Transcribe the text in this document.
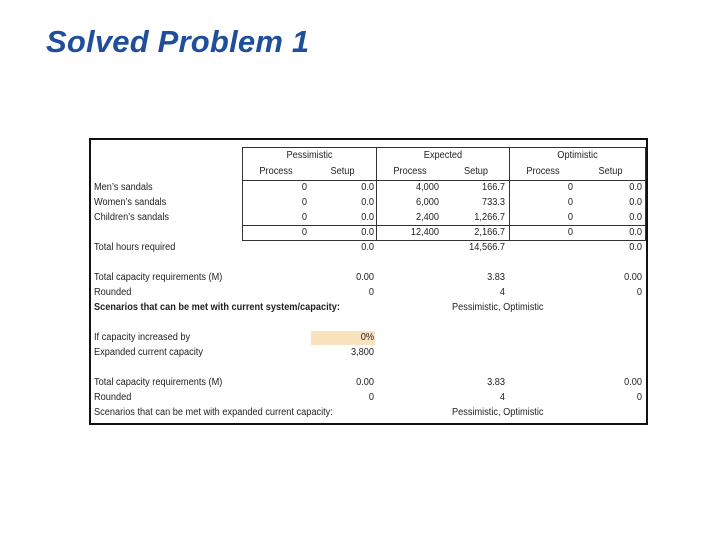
Solved Problem 1
Pessimistic	Expected	Optimistic
Process	Setup	Process	Setup	Process	Setup
Men’s sandals	0	0.0	4,000	166.7	0	0.0
Women’s sandals	0	0.0	6,000	733.3	0	0.0
Children’s sandals	0	0.0	2,400	1,266.7	0	0.0
0	0.0	12,400	2,166.7	0	0.0
Total hours required	0.0	14,566.7	0.0
Total capacity requirements (M)	0.00	3.83	0.00
Rounded	0	4	0
Scenarios that can be met with current system/capacity:	Pessimistic, Optimistic
If capacity increased by	0%
Expanded current capacity	3,800
Total capacity requirements (M)	0.00	3.83	0.00
Rounded	0	4	0
Scenarios that can be met with expanded current capacity:	Pessimistic, Optimistic
